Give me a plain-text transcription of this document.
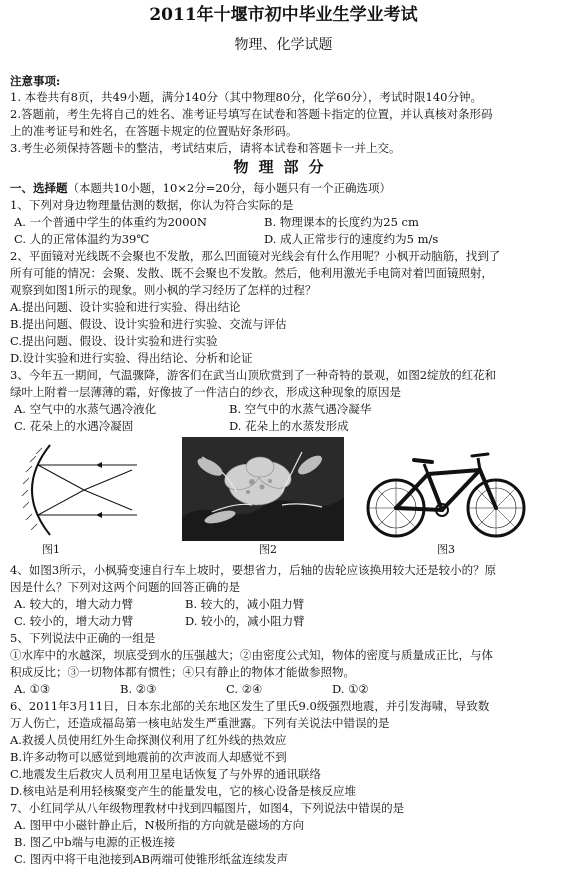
2011年十堰市初中毕业生学业考试
物理、化学试题
注意事项:
1. 本卷共有8页，共49小题，满分140分（其中物理80分，化学60分），考试时限140分钟。
2.答题前，考生先将自己的姓名、准考证号填写在试卷和答题卡指定的位置，并认真核对条形码
上的准考证号和姓名，在答题卡规定的位置贴好条形码。
3.考生必须保持答题卡的整洁，考试结束后，请将本试卷和答题卡一并上交。
物理部分
一、选择题（本题共10小题，10×2分=20分，每小题只有一个正确选项）
1、下列对身边物理量估测的数据，你认为符合实际的是
A. 一个普通中学生的体重约为2000N	B. 物理课本的长度约为25 cm
C. 人的正常体温约为39℃	D. 成人正常步行的速度约为5 m/s
2、平面镜对光线既不会聚也不发散，那么凹面镜对光线会有什么作用呢？小枫开动脑筋，找到了
所有可能的情况：会聚、发散、既不会聚也不发散。然后，他利用激光手电筒对着凹面镜照射，
观察到如图1所示的现象。则小枫的学习经历了怎样的过程？
A.提出问题、设计实验和进行实验、得出结论
B.提出问题、假设、设计实验和进行实验、交流与评估
C.提出问题、假设、设计实验和进行实验
D.设计实验和进行实验、得出结论、分析和论证
3、今年五一期间，气温骤降，游客们在武当山顶欣赏到了一种奇特的景观，如图2绽放的红花和
绿叶上附着一层薄薄的霜，好像披了一件洁白的纱衣，形成这种现象的原因是
A. 空气中的水蒸气遇冷液化	B. 空气中的水蒸气遇冷凝华
C. 花朵上的水遇冷凝固	D. 花朵上的水蒸发形成
图1	图2	图3
4、如图3所示，小枫骑变速自行车上坡时，要想省力，后轴的齿轮应该换用较大还是较小的？原
因是什么？下列对这两个问题的回答正确的是
A. 较大的，增大动力臂	B. 较大的，减小阻力臂
C. 较小的，增大动力臂	D. 较小的，减小阻力臂
5、下列说法中正确的一组是
①水库中的水越深，坝底受到水的压强越大；②由密度公式知，物体的密度与质量成正比，与体
积成反比；③一切物体都有惯性；④只有静止的物体才能做参照物。
A. ①③	B. ②③	C. ②④	D. ①②
6、2011年3月11日，日本东北部的关东地区发生了里氏9.0级强烈地震，并引发海啸，导致数
万人伤亡，还造成福岛第一核电站发生严重泄露。下列有关说法中错误的是
A.救援人员使用红外生命探测仪利用了红外线的热效应
B.许多动物可以感觉到地震前的次声波而人却感觉不到
C.地震发生后救灾人员利用卫星电话恢复了与外界的通讯联络
D.核电站是利用轻核聚变产生的能量发电，它的核心设备是核反应堆
7、小红同学从八年级物理教材中找到四幅图片，如图4，下列说法中错误的是
A. 图甲中小磁针静止后，N极所指的方向就是磁场的方向
B. 图乙中b端与电源的正极连接
C. 图丙中将干电池接到AB两端可使锥形纸盆连续发声
